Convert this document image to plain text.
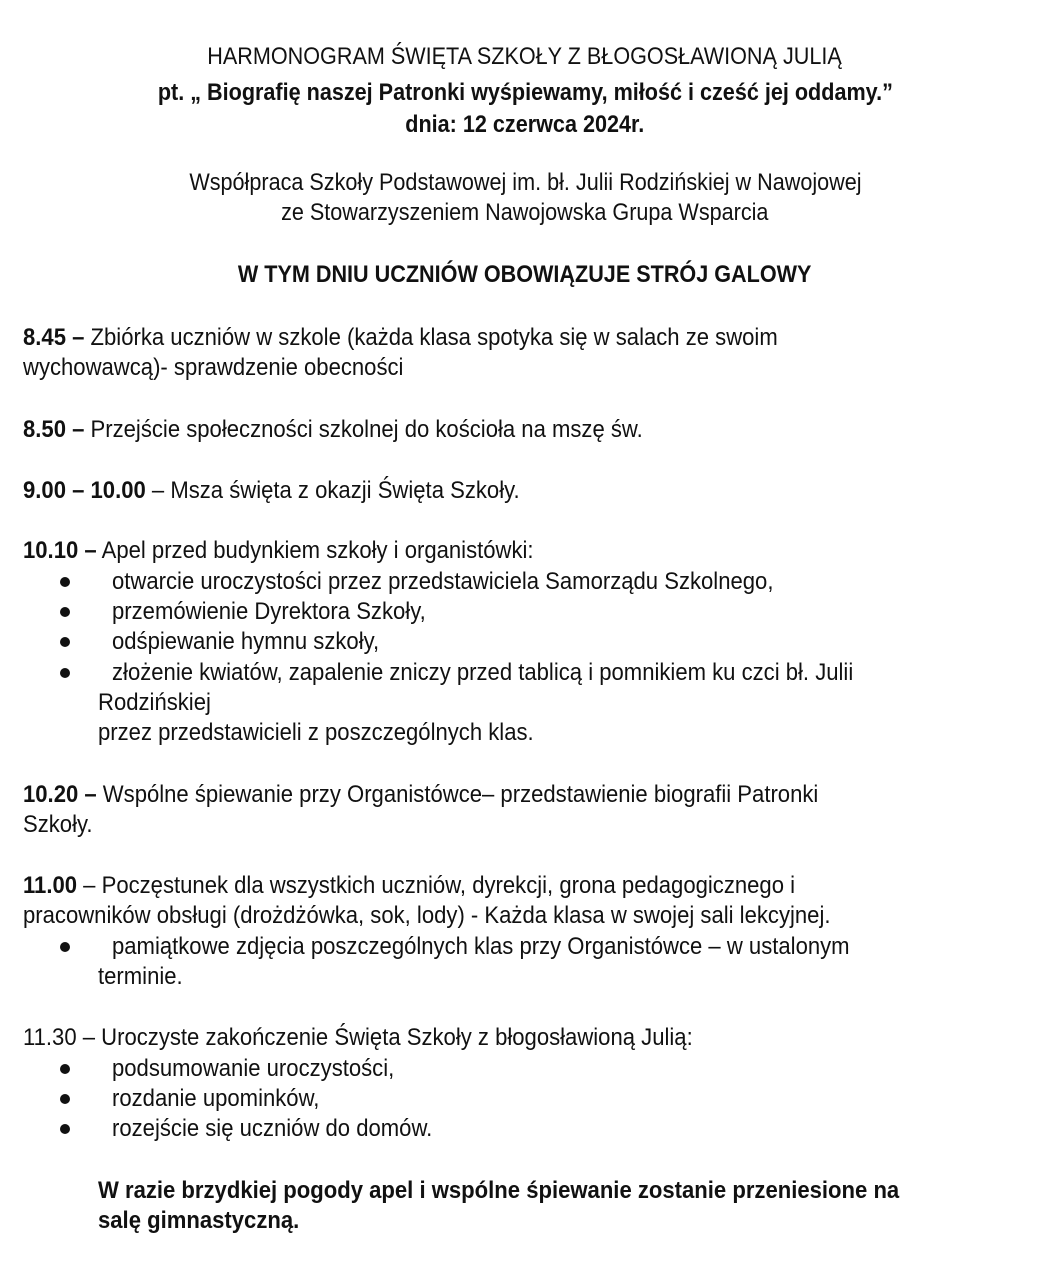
HARMONOGRAM ŚWIĘTA SZKOŁY Z BŁOGOSŁAWIONĄ JULIĄ
pt. „ Biografię naszej Patronki wyśpiewamy, miłość i cześć jej oddamy.”
dnia: 12 czerwca 2024r.
Współpraca Szkoły Podstawowej im. bł. Julii Rodzińskiej w Nawojowej
ze Stowarzyszeniem Nawojowska Grupa Wsparcia
W TYM DNIU UCZNIÓW OBOWIĄZUJE STRÓJ GALOWY
8.45 – Zbiórka uczniów w szkole (każda klasa spotyka się w salach ze swoim
wychowawcą)- sprawdzenie obecności
8.50 – Przejście społeczności szkolnej do kościoła na mszę św.
9.00 – 10.00 – Msza święta z okazji Święta Szkoły.
10.10 – Apel przed budynkiem szkoły i organistówki:
otwarcie uroczystości przez przedstawiciela Samorządu Szkolnego,
przemówienie Dyrektora Szkoły,
odśpiewanie hymnu szkoły,
złożenie kwiatów, zapalenie zniczy przed tablicą i pomnikiem ku czci bł. Julii
Rodzińskiej
przez przedstawicieli z poszczególnych klas.
10.20 – Wspólne śpiewanie przy Organistówce– przedstawienie biografii Patronki
Szkoły.
11.00 – Poczęstunek dla wszystkich uczniów, dyrekcji, grona pedagogicznego i
pracowników obsługi (drożdżówka, sok, lody) - Każda klasa w swojej sali lekcyjnej.
pamiątkowe zdjęcia poszczególnych klas przy Organistówce – w ustalonym
terminie.
11.30 – Uroczyste zakończenie Święta Szkoły z błogosławioną Julią:
podsumowanie uroczystości,
rozdanie upominków,
rozejście się uczniów do domów.
W razie brzydkiej pogody apel i wspólne śpiewanie zostanie przeniesione na
salę gimnastyczną.
